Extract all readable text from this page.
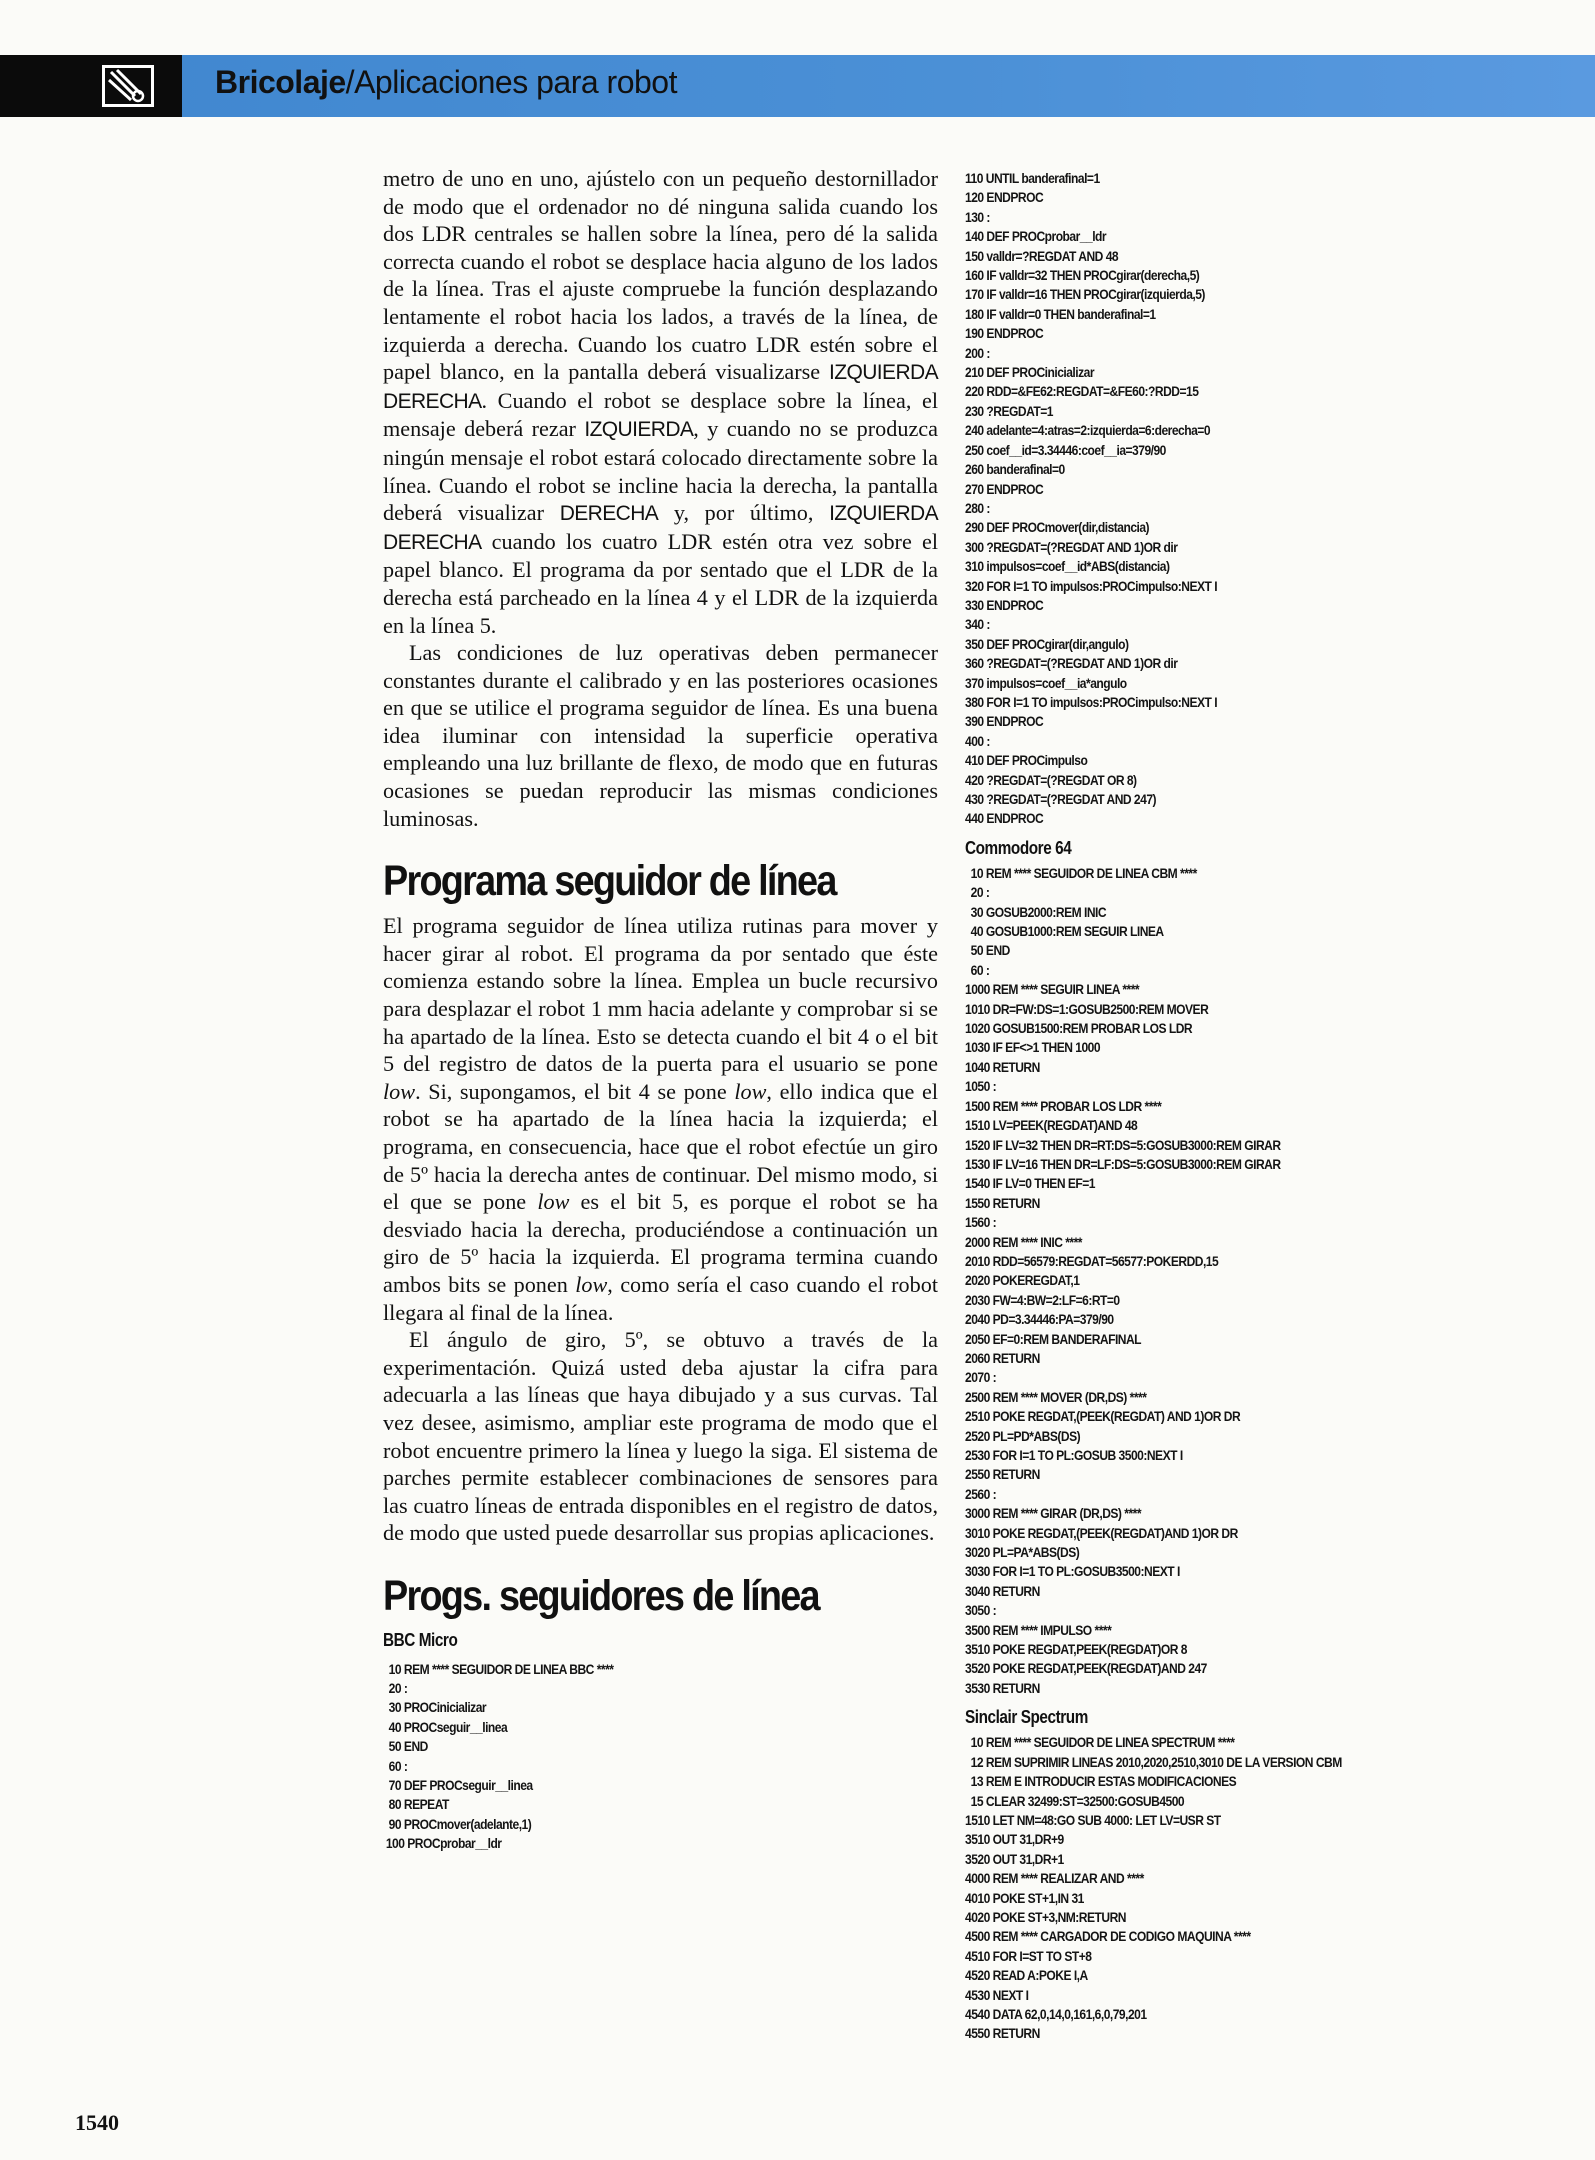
Bricolaje/Aplicaciones para robot

metro de uno en uno, ajústelo con un pequeño destornillador de modo que el ordenador no dé ninguna salida cuando los dos LDR centrales se hallen sobre la línea, pero dé la salida correcta cuando el robot se desplace hacia alguno de los lados de la línea. Tras el ajuste compruebe la función desplazando lentamente el robot hacia los lados, a través de la línea, de izquierda a derecha. Cuando los cuatro LDR estén sobre el papel blanco, en la pantalla deberá visualizarse IZQUIERDA DERECHA. Cuando el robot se desplace sobre la línea, el mensaje deberá rezar IZQUIERDA, y cuando no se produzca ningún mensaje el robot estará colocado directamente sobre la línea. Cuando el robot se incline hacia la derecha, la pantalla deberá visualizar DERECHA y, por último, IZQUIERDA DERECHA cuando los cuatro LDR estén otra vez sobre el papel blanco. El programa da por sentado que el LDR de la derecha está parcheado en la línea 4 y el LDR de la izquierda en la línea 5.

Las condiciones de luz operativas deben permanecer constantes durante el calibrado y en las posteriores ocasiones en que se utilice el programa seguidor de línea. Es una buena idea iluminar con intensidad la superficie operativa empleando una luz brillante de flexo, de modo que en futuras ocasiones se puedan reproducir las mismas condiciones luminosas.

Programa seguidor de línea

El programa seguidor de línea utiliza rutinas para mover y hacer girar al robot. El programa da por sentado que éste comienza estando sobre la línea. Emplea un bucle recursivo para desplazar el robot 1 mm hacia adelante y comprobar si se ha apartado de la línea. Esto se detecta cuando el bit 4 o el bit 5 del registro de datos de la puerta para el usuario se pone low. Si, supongamos, el bit 4 se pone low, ello indica que el robot se ha apartado de la línea hacia la izquierda; el programa, en consecuencia, hace que el robot efectúe un giro de 5º hacia la derecha antes de continuar. Del mismo modo, si el que se pone low es el bit 5, es porque el robot se ha desviado hacia la derecha, produciéndose a continuación un giro de 5º hacia la izquierda. El programa termina cuando ambos bits se ponen low, como sería el caso cuando el robot llegara al final de la línea.

El ángulo de giro, 5º, se obtuvo a través de la experimentación. Quizá usted deba ajustar la cifra para adecuarla a las líneas que haya dibujado y a sus curvas. Tal vez desee, asimismo, ampliar este programa de modo que el robot encuentre primero la línea y luego la siga. El sistema de parches permite establecer combinaciones de sensores para las cuatro líneas de entrada disponibles en el registro de datos, de modo que usted puede desarrollar sus propias aplicaciones.

Progs. seguidores de línea
BBC Micro
10 REM **** SEGUIDOR DE LINEA BBC ****
20 :
30 PROCinicializar
40 PROCseguir__linea
50 END
60 :
70 DEF PROCseguir__linea
80 REPEAT
90 PROCmover(adelante,1)
100 PROCprobar__ldr
110 UNTIL banderafinal=1
120 ENDPROC
130 :
140 DEF PROCprobar__ldr
150 valldr=?REGDAT AND 48
160 IF valldr=32 THEN PROCgirar(derecha,5)
170 IF valldr=16 THEN PROCgirar(izquierda,5)
180 IF valldr=0 THEN banderafinal=1
190 ENDPROC
200 :
210 DEF PROCinicializar
220 RDD=&FE62:REGDAT=&FE60:?RDD=15
230 ?REGDAT=1
240 adelante=4:atras=2:izquierda=6:derecha=0
250 coef__id=3.34446:coef__ia=379/90
260 banderafinal=0
270 ENDPROC
280 :
290 DEF PROCmover(dir,distancia)
300 ?REGDAT=(?REGDAT AND 1)OR dir
310 impulsos=coef__id*ABS(distancia)
320 FOR I=1 TO impulsos:PROCimpulso:NEXT I
330 ENDPROC
340 :
350 DEF PROCgirar(dir,angulo)
360 ?REGDAT=(?REGDAT AND 1)OR dir
370 impulsos=coef__ia*angulo
380 FOR I=1 TO impulsos:PROCimpulso:NEXT I
390 ENDPROC
400 :
410 DEF PROCimpulso
420 ?REGDAT=(?REGDAT OR 8)
430 ?REGDAT=(?REGDAT AND 247)
440 ENDPROC
Commodore 64
10 REM **** SEGUIDOR DE LINEA CBM ****
20 :
30 GOSUB2000:REM INIC
40 GOSUB1000:REM SEGUIR LINEA
50 END
60 :
1000 REM **** SEGUIR LINEA ****
1010 DR=FW:DS=1:GOSUB2500:REM MOVER
1020 GOSUB1500:REM PROBAR LOS LDR
1030 IF EF<>1 THEN 1000
1040 RETURN
1050 :
1500 REM **** PROBAR LOS LDR ****
1510 LV=PEEK(REGDAT)AND 48
1520 IF LV=32 THEN DR=RT:DS=5:GOSUB3000:REM GIRAR
1530 IF LV=16 THEN DR=LF:DS=5:GOSUB3000:REM GIRAR
1540 IF LV=0 THEN EF=1
1550 RETURN
1560 :
2000 REM **** INIC ****
2010 RDD=56579:REGDAT=56577:POKERDD,15
2020 POKEREGDAT,1
2030 FW=4:BW=2:LF=6:RT=0
2040 PD=3.34446:PA=379/90
2050 EF=0:REM BANDERAFINAL
2060 RETURN
2070 :
2500 REM **** MOVER (DR,DS) ****
2510 POKE REGDAT,(PEEK(REGDAT) AND 1)OR DR
2520 PL=PD*ABS(DS)
2530 FOR I=1 TO PL:GOSUB 3500:NEXT I
2550 RETURN
2560 :
3000 REM **** GIRAR (DR,DS) ****
3010 POKE REGDAT,(PEEK(REGDAT)AND 1)OR DR
3020 PL=PA*ABS(DS)
3030 FOR I=1 TO PL:GOSUB3500:NEXT I
3040 RETURN
3050 :
3500 REM **** IMPULSO ****
3510 POKE REGDAT,PEEK(REGDAT)OR 8
3520 POKE REGDAT,PEEK(REGDAT)AND 247
3530 RETURN
Sinclair Spectrum
10 REM **** SEGUIDOR DE LINEA SPECTRUM ****
12 REM SUPRIMIR LINEAS 2010,2020,2510,3010 DE LA VERSION CBM
13 REM E INTRODUCIR ESTAS MODIFICACIONES
15 CLEAR 32499:ST=32500:GOSUB4500
1510 LET NM=48:GO SUB 4000: LET LV=USR ST
3510 OUT 31,DR+9
3520 OUT 31,DR+1
4000 REM **** REALIZAR AND ****
4010 POKE ST+1,IN 31
4020 POKE ST+3,NM:RETURN
4500 REM **** CARGADOR DE CODIGO MAQUINA ****
4510 FOR I=ST TO ST+8
4520 READ A:POKE I,A
4530 NEXT I
4540 DATA 62,0,14,0,161,6,0,79,201
4550 RETURN
1540
